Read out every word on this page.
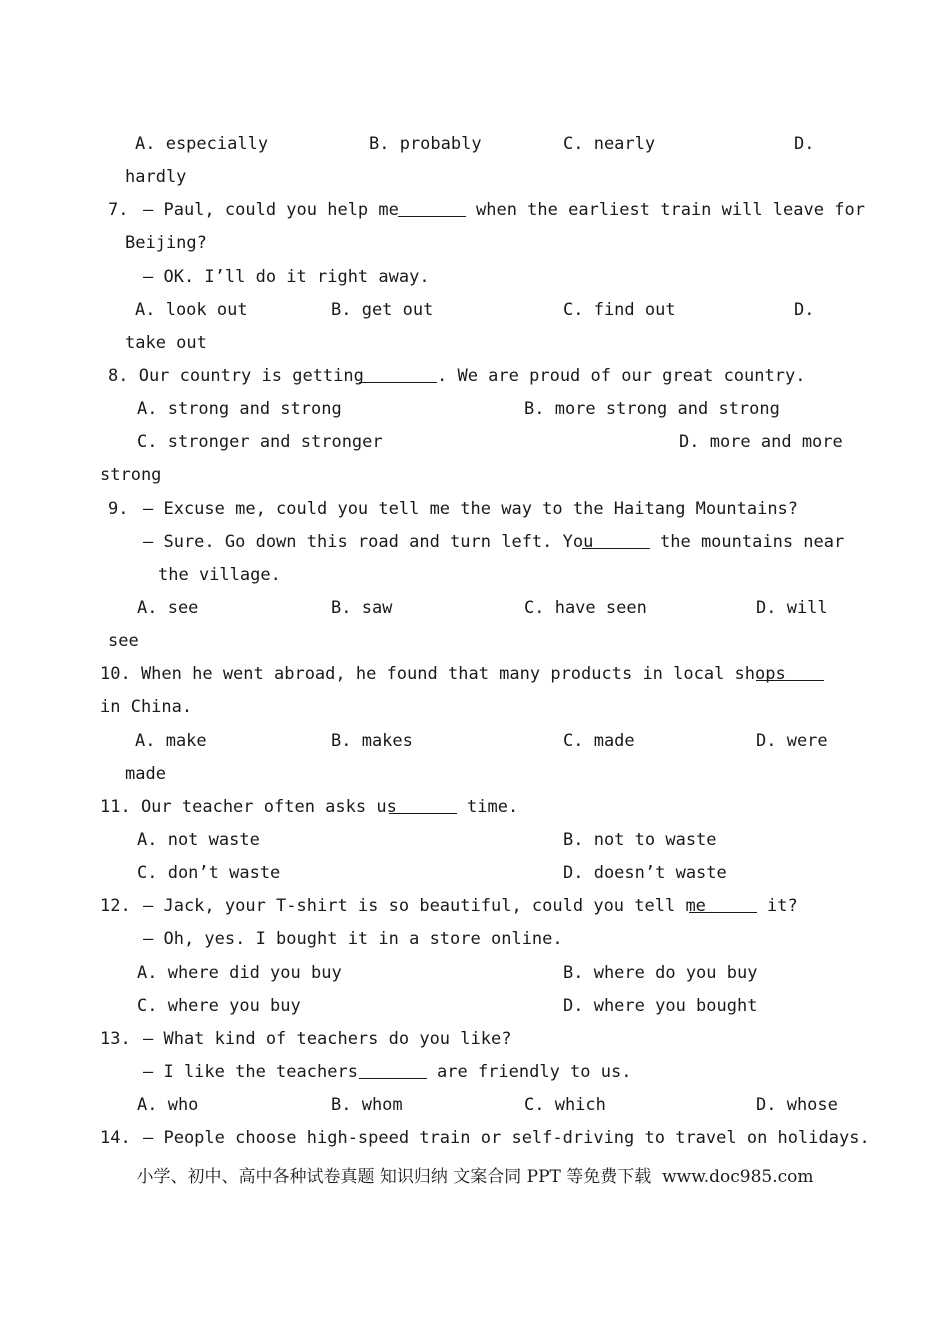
A. especially	B. probably	C. nearly	D.
hardly
7. – Paul, could you help me	when the earliest train will leave for
Beijing?
– OK. I’ll do it right away.
A. look out	B. get out	C. find out	D.
take out
8. Our country is getting	. We are proud of our great country.
A. strong and strong	B. more strong and strong
C. stronger and stronger	D. more and more
strong
9. – Excuse me, could you tell me the way to the Haitang Mountains?
– Sure. Go down this road and turn left. You	the mountains near
the village.
A. see	B. saw	C. have seen	D. will
see
10. When he went abroad, he found that many products in local shops
in China.
A. make	B. makes	C. made	D. were
made
11. Our teacher often asks us	time.
A. not waste	B. not to waste
C. don’t waste	D. doesn’t waste
12. – Jack, your T-shirt is so beautiful, could you tell me	it?
– Oh, yes. I bought it in a store online.
A. where did you buy	B. where do you buy
C. where you buy	D. where you bought
13. – What kind of teachers do you like?
– I like the teachers	are friendly to us.
A. who	B. whom	C. which	D. whose
14. – People choose high-speed train or self-driving to travel on holidays.
小学、初中、高中各种试卷真题 知识归纳 文案合同 PPT 等免费下载  www.doc985.com
